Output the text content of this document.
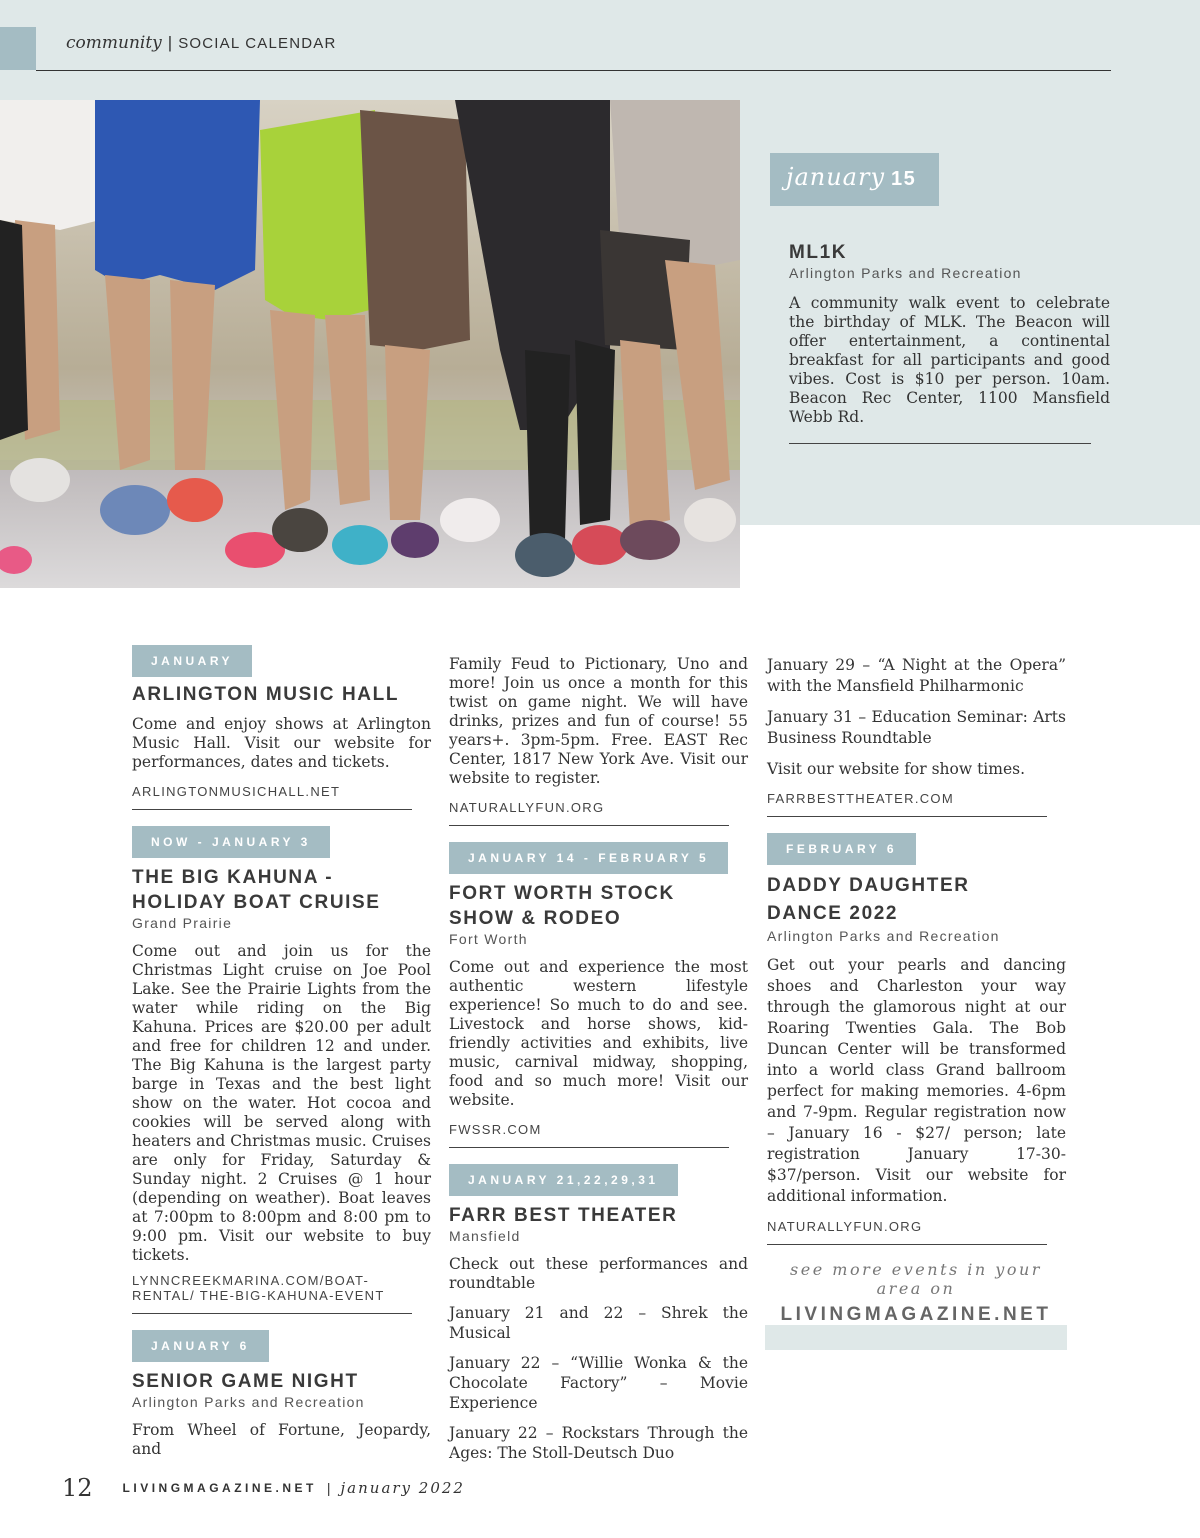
community | SOCIAL CALENDAR
january 15
ML1K
Arlington Parks and Recreation
A community walk event to celebrate the birthday of MLK. The Beacon will offer entertainment, a continental breakfast for all participants and good vibes. Cost is $10 per person. 10am. Beacon Rec Center, 1100 Mansfield Webb Rd.
JANUARY
ARLINGTON MUSIC HALL
Come and enjoy shows at Arlington Music Hall. Visit our website for performances, dates and tickets.
ARLINGTONMUSICHALL.NET
NOW - JANUARY 3
THE BIG KAHUNA - HOLIDAY BOAT CRUISE
Grand Prairie
Come out and join us for the Christmas Light cruise on Joe Pool Lake. See the Prairie Lights from the water while riding on the Big Kahuna. Prices are $20.00 per adult and free for children 12 and under. The Big Kahuna is the largest party barge in Texas and the best light show on the water. Hot cocoa and cookies will be served along with heaters and Christmas music. Cruises are only for Friday, Saturday & Sunday night. 2 Cruises @ 1 hour (depending on weather). Boat leaves at 7:00pm to 8:00pm and 8:00 pm to 9:00 pm. Visit our website to buy tickets.
LYNNCREEKMARINA.COM/BOAT-RENTAL/ THE-BIG-KAHUNA-EVENT
JANUARY 6
SENIOR GAME NIGHT
Arlington Parks and Recreation
From Wheel of Fortune, Jeopardy, and
Family Feud to Pictionary, Uno and more! Join us once a month for this twist on game night. We will have drinks, prizes and fun of course! 55 years+. 3pm-5pm. Free. EAST Rec Center, 1817 New York Ave. Visit our website to register.
NATURALLYFUN.ORG
JANUARY 14 - FEBRUARY 5
FORT WORTH STOCK SHOW & RODEO
Fort Worth
Come out and experience the most authentic western lifestyle experience! So much to do and see. Livestock and horse shows, kid-friendly activities and exhibits, live music, carnival midway, shopping, food and so much more! Visit our website.
FWSSR.COM
JANUARY 21,22,29,31
FARR BEST THEATER
Mansfield
Check out these performances and roundtable
January 21 and 22 – Shrek the Musical
January 22 – “Willie Wonka & the Chocolate Factory” – Movie Experience
January 22 – Rockstars Through the Ages: The Stoll-Deutsch Duo
January 29 – “A Night at the Opera” with the Mansfield Philharmonic
January 31 – Education Seminar: Arts Business Roundtable
Visit our website for show times.
FARRBESTTHEATER.COM
FEBRUARY 6
DADDY DAUGHTER DANCE 2022
Arlington Parks and Recreation
Get out your pearls and dancing shoes and Charleston your way through the glamorous night at our Roaring Twenties Gala. The Bob Duncan Center will be transformed into a world class Grand ballroom perfect for making memories. 4-6pm and 7-9pm. Regular registration now – January 16 - $27/ person; late registration January 17-30- $37/person. Visit our website for additional information.
NATURALLYFUN.ORG
see more events in your area on
LIVINGMAGAZINE.NET
12	LIVINGMAGAZINE.NET | january 2022
